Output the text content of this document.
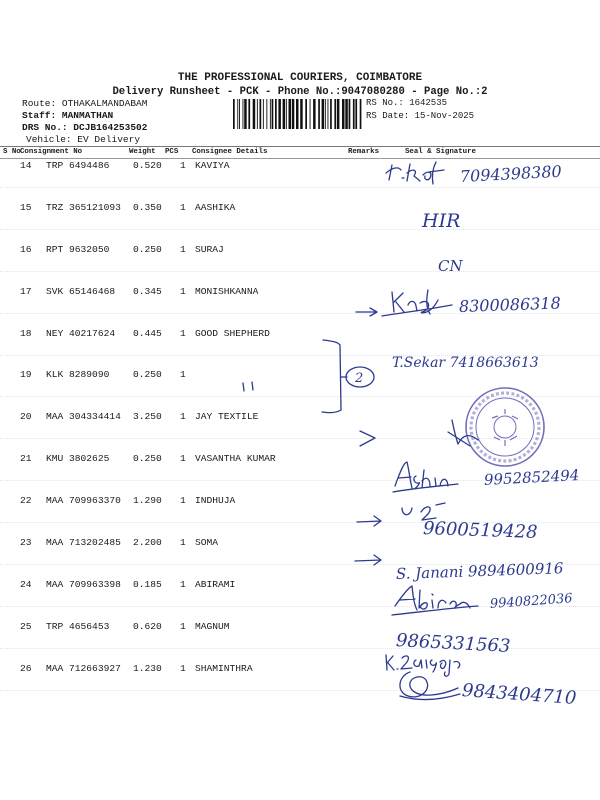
THE PROFESSIONAL COURIERS, COIMBATORE
Delivery Runsheet - PCK - Phone No.:9047080280 - Page No.:2
Route: OTHAKALMANDABAM
Staff: MANMATHAN
DRS No.: DCJB164253502
Vehicle: EV Delivery
RS No.: 1642535
RS Date: 15-Nov-2025
S No Consignment No	Weight PCS Consignee Details	Remarks	Seal & Signature
14 TRP 6494486 0.520 1 KAVIYA
15 TRZ 365121093 0.350 1 AASHIKA
16 RPT 9632050 0.250 1 SURAJ
17 SVK 65146468 0.345 1 MONISHKANNA
18 NEY 40217624 0.445 1 GOOD SHEPHERD
19 KLK 8289090 0.250 1
20 MAA 304334414 3.250 1 JAY TEXTILE
21 KMU 3802625 0.250 1 VASANTHA KUMAR
22 MAA 709963370 1.290 1 INDHUJA
23 MAA 713202485 2.200 1 SOMA
24 MAA 709963398 0.185 1 ABIRAMI
25 TRP 4656453 0.620 1 MAGNUM
26 MAA 712663927 1.230 1 SHAMINTHRA
2
7094398380
HIR
CN
8300086318
T.Sekar 7418663613
9952852494
9600519428
S. Janani 9894600916
9940822036
9865331563
9843404710
